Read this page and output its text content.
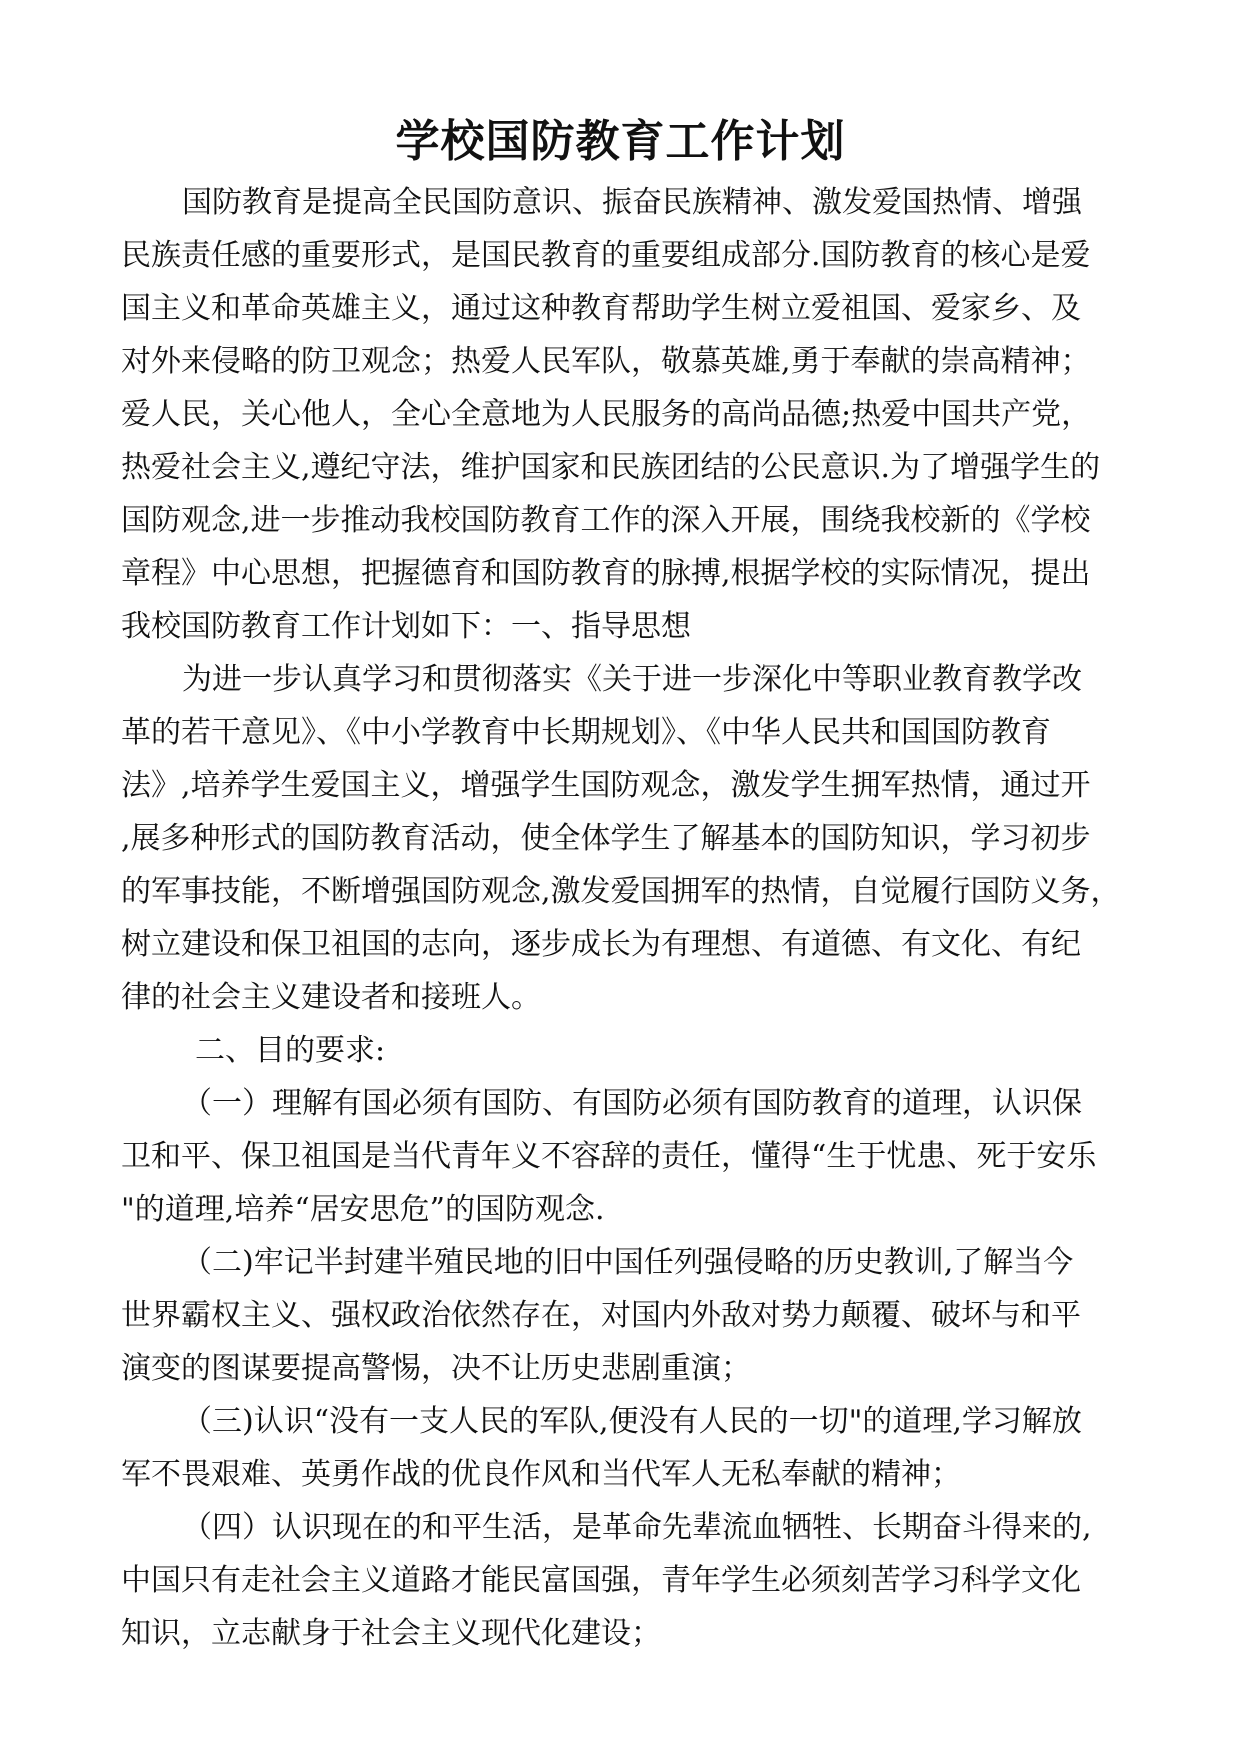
学校国防教育工作计划
国防教育是提高全民国防意识、振奋民族精神、激发爱国热情、增强
民族责任感的重要形式，是国民教育的重要组成部分.国防教育的核心是爱
国主义和革命英雄主义，通过这种教育帮助学生树立爱祖国、爱家乡、及
对外来侵略的防卫观念；热爱人民军队，敬慕英雄,勇于奉献的崇高精神；
爱人民，关心他人，全心全意地为人民服务的高尚品德;热爱中国共产党，
热爱社会主义,遵纪守法，维护国家和民族团结的公民意识.为了增强学生的
国防观念,进一步推动我校国防教育工作的深入开展，围绕我校新的《学校
章程》中心思想，把握德育和国防教育的脉搏,根据学校的实际情况，提出
我校国防教育工作计划如下：一、指导思想
为进一步认真学习和贯彻落实《关于进一步深化中等职业教育教学改
革的若干意见》、《中小学教育中长期规划》、《中华人民共和国国防教育
法》,培养学生爱国主义，增强学生国防观念，激发学生拥军热情，通过开
,展多种形式的国防教育活动，使全体学生了解基本的国防知识，学习初步
的军事技能，不断增强国防观念,激发爱国拥军的热情，自觉履行国防义务，
树立建设和保卫祖国的志向，逐步成长为有理想、有道德、有文化、有纪
律的社会主义建设者和接班人。
二、目的要求:
（一）理解有国必须有国防、有国防必须有国防教育的道理，认识保
卫和平、保卫祖国是当代青年义不容辞的责任，懂得“生于忧患、死于安乐
"的道理,培养“居安思危”的国防观念.
（二)牢记半封建半殖民地的旧中国任列强侵略的历史教训,了解当今
世界霸权主义、强权政治依然存在，对国内外敌对势力颠覆、破坏与和平
演变的图谋要提高警惕，决不让历史悲剧重演；
（三)认识“没有一支人民的军队,便没有人民的一切"的道理,学习解放
军不畏艰难、英勇作战的优良作风和当代军人无私奉献的精神；
（四）认识现在的和平生活，是革命先辈流血牺牲、长期奋斗得来的,
中国只有走社会主义道路才能民富国强，青年学生必须刻苦学习科学文化
知识，立志献身于社会主义现代化建设；
